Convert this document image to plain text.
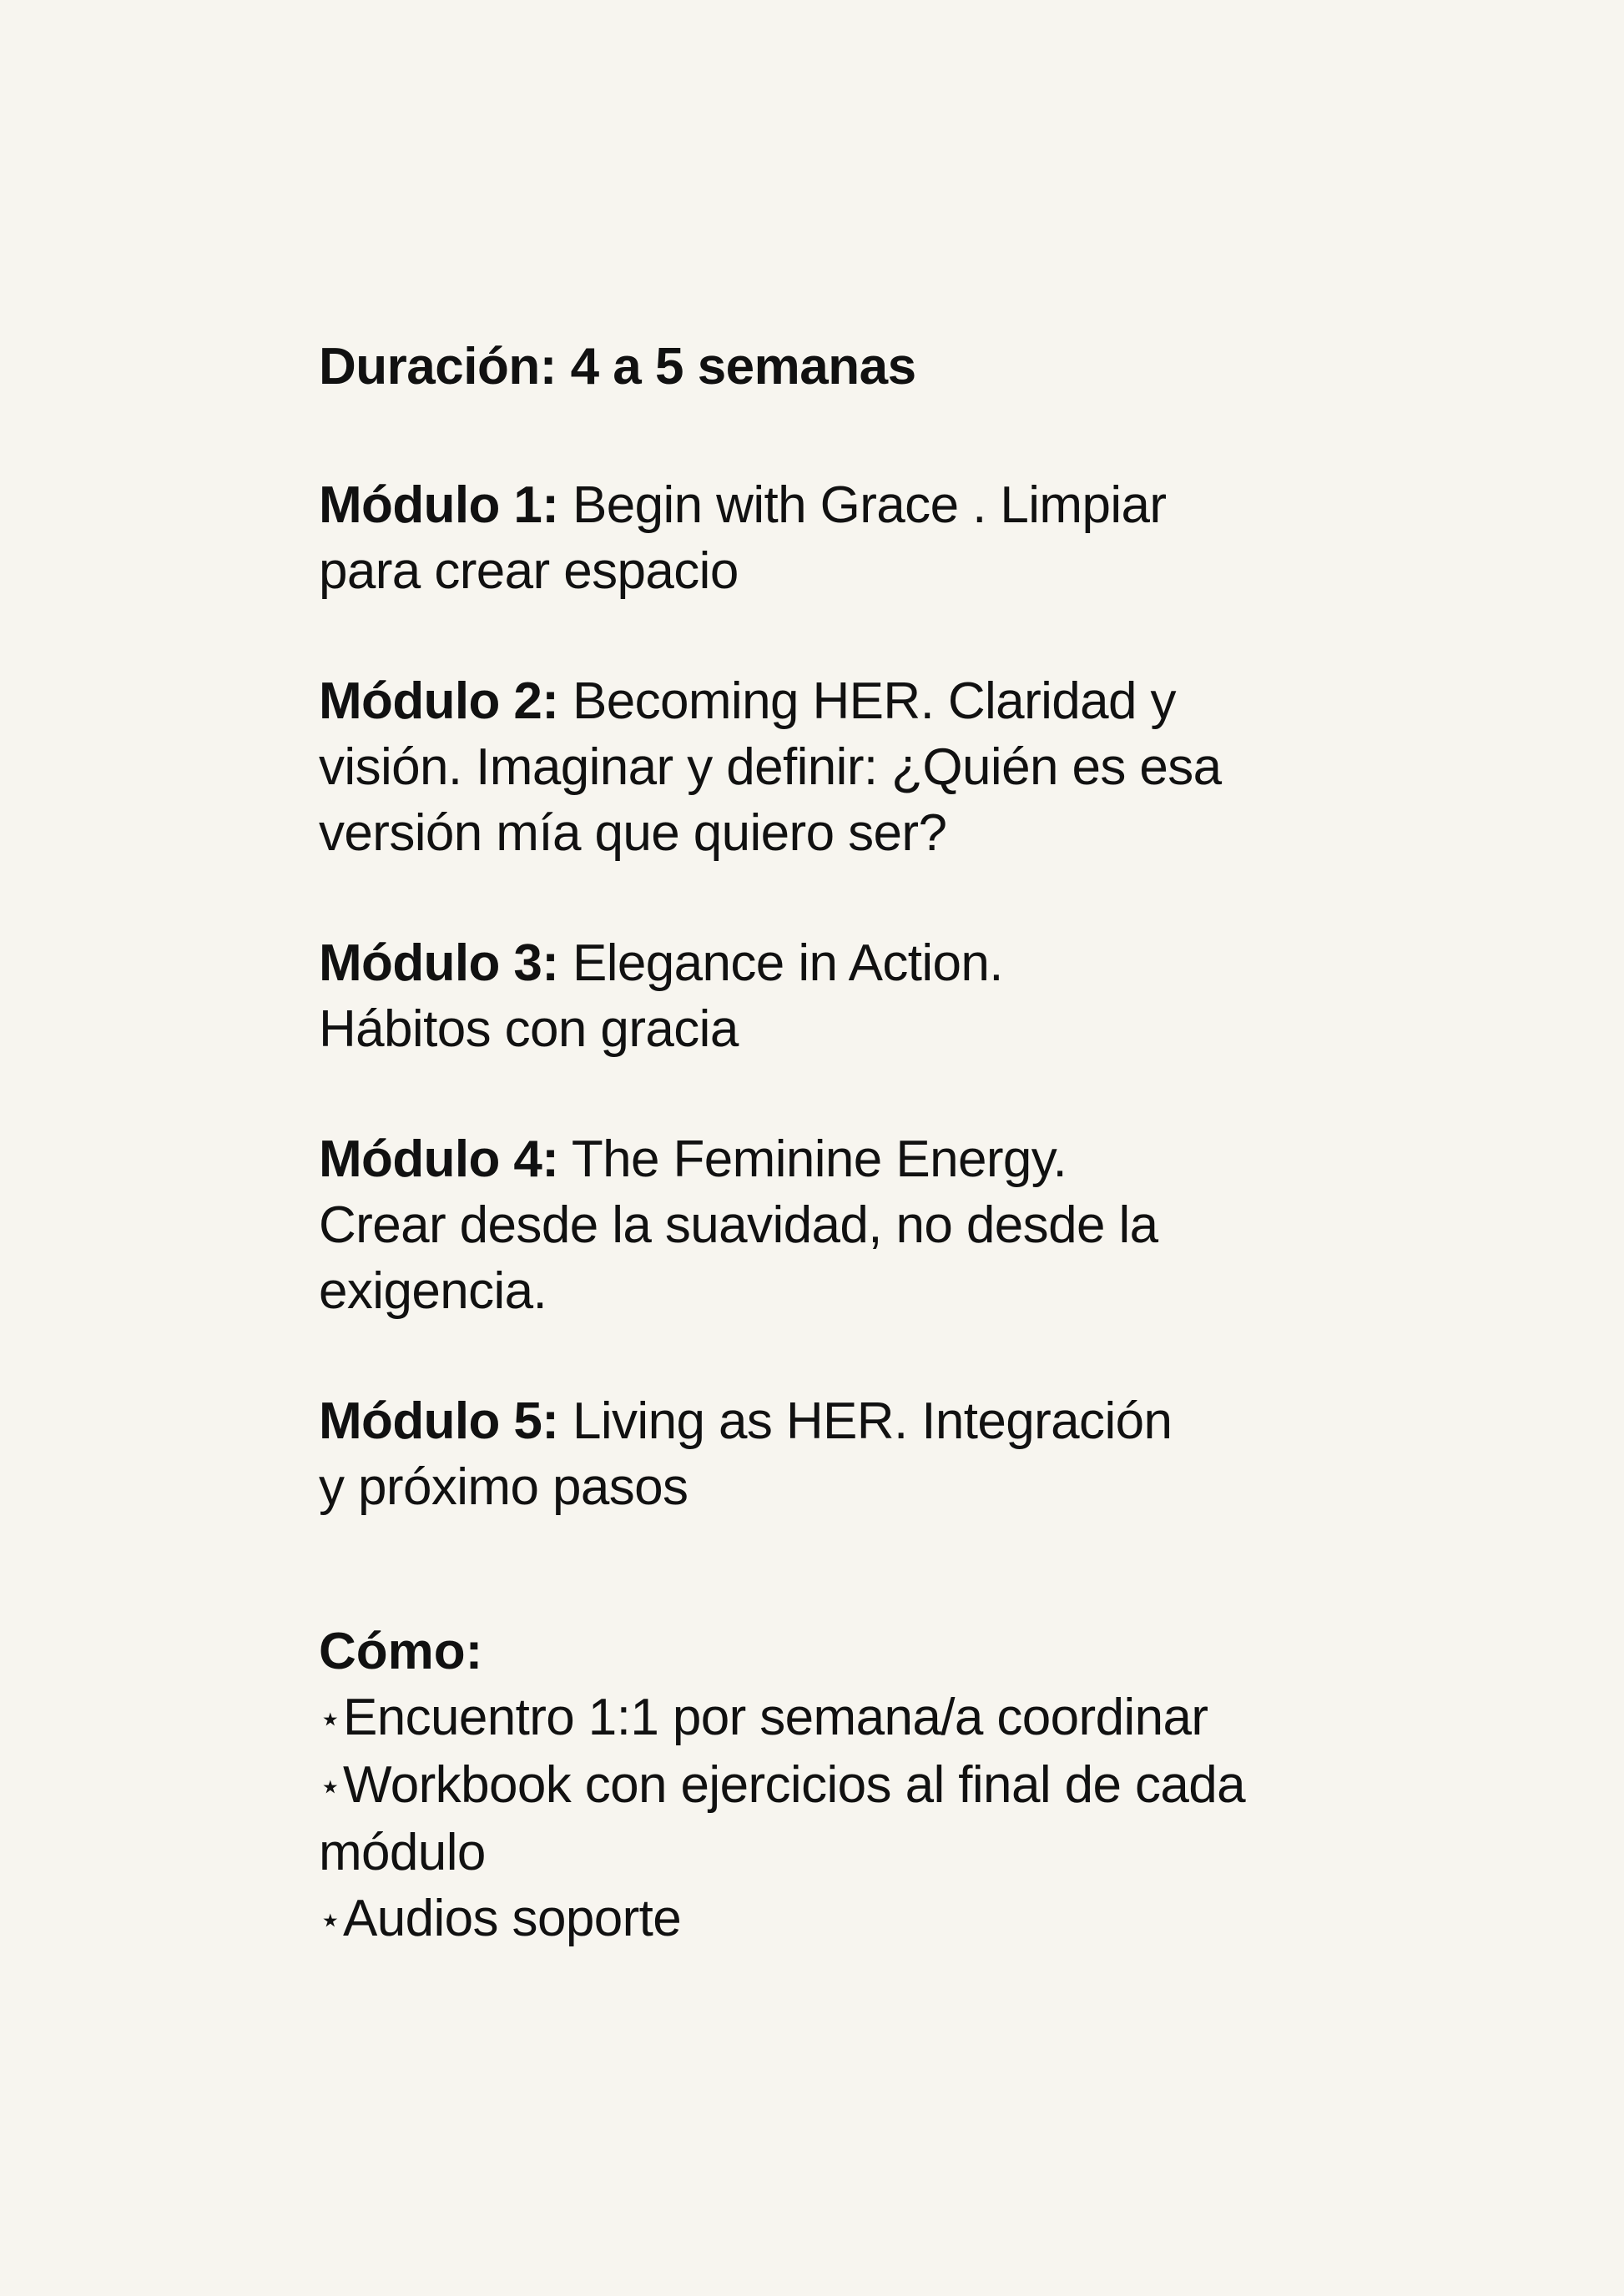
Duración: 4 a 5 semanas

Módulo 1: Begin with Grace . Limpiar
para crear espacio

Módulo 2: Becoming HER. Claridad y
visión. Imaginar y definir: ¿Quién es esa
versión mía que quiero ser?

Módulo 3: Elegance in Action.
Hábitos con gracia

Módulo 4: The Feminine Energy.
Crear desde la suavidad, no desde la
exigencia.

Módulo 5: Living as HER. Integración
y próximo pasos

Cómo:

⋆Encuentro 1:1 por semana/a coordinar
⋆Workbook con ejercicios al final de cada
módulo
⋆Audios soporte
